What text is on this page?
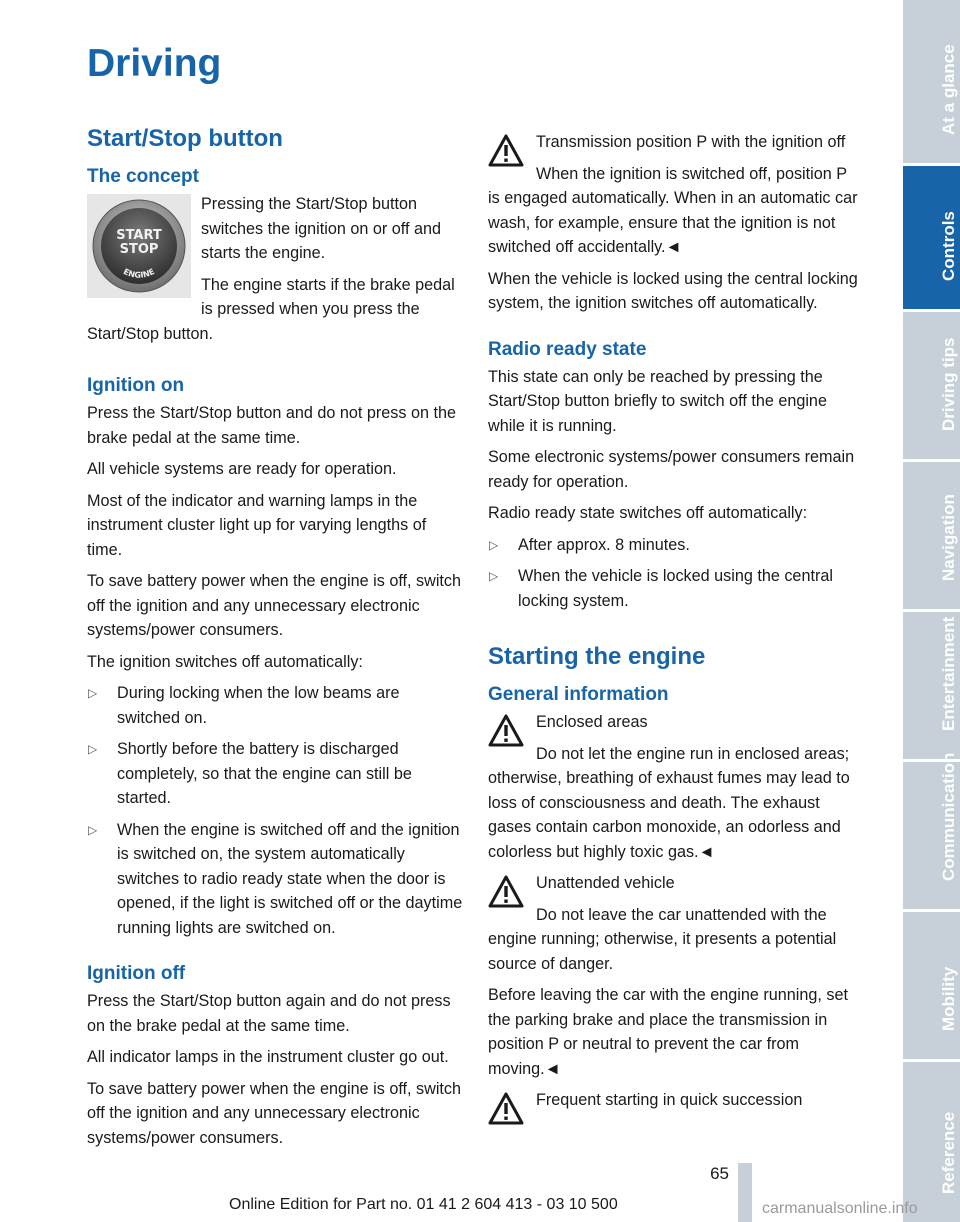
Driving
Start/Stop button
The concept
START
STOP
ENGINE

Pressing the Start/Stop button switches the ignition on or off and starts the engine.

The engine starts if the brake pedal is pressed when you press the Start/Stop button.

Ignition on

Press the Start/Stop button and do not press on the brake pedal at the same time.

All vehicle systems are ready for operation.

Most of the indicator and warning lamps in the instrument cluster light up for varying lengths of time.

To save battery power when the engine is off, switch off the ignition and any unnecessary electronic systems/power consumers.

The ignition switches off automatically:

▷ During locking when the low beams are switched on.
▷ Shortly before the battery is discharged completely, so that the engine can still be started.
▷ When the engine is switched off and the ignition is switched on, the system automatically switches to radio ready state when the door is opened, if the light is switched off or the daytime running lights are switched on.
Ignition off

Press the Start/Stop button again and do not press on the brake pedal at the same time.

All indicator lamps in the instrument cluster go out.

To save battery power when the engine is off, switch off the ignition and any unnecessary electronic systems/power consumers.

Transmission position P with the ignition off

When the ignition is switched off, position P is engaged automatically. When in an automatic car wash, for example, ensure that the ignition is not switched off accidentally.◄

When the vehicle is locked using the central locking system, the ignition switches off automatically.

Radio ready state

This state can only be reached by pressing the Start/Stop button briefly to switch off the engine while it is running.

Some electronic systems/power consumers remain ready for operation.

Radio ready state switches off automatically:

▷ After approx. 8 minutes.
▷ When the vehicle is locked using the central locking system.
Starting the engine
General information

Enclosed areas

Do not let the engine run in enclosed areas; otherwise, breathing of exhaust fumes may lead to loss of consciousness and death. The exhaust gases contain carbon monoxide, an odorless and colorless but highly toxic gas.◄

Unattended vehicle

Do not leave the car unattended with the engine running; otherwise, it presents a potential source of danger.

Before leaving the car with the engine running, set the parking brake and place the transmission in position P or neutral to prevent the car from moving.◄

Frequent starting in quick succession

At a glance
Controls
Driving tips
Navigation
Entertainment
Communication
Mobility
Reference
65
Online Edition for Part no. 01 41 2 604 413 - 03 10 500	carmanualsonline.info
